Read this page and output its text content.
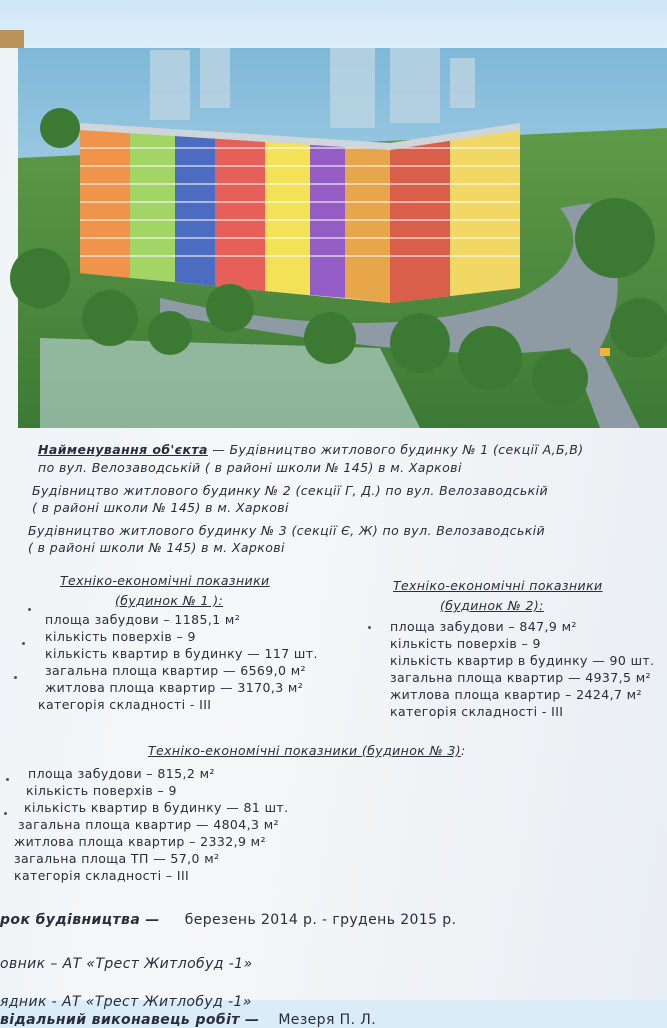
Найменування об'єкта — Будівництво житлового будинку № 1 (секції А,Б,В)
по вул. Велозаводській ( в районі школи № 145) в м. Харкові
Будівництво житлового будинку № 2 (секції Г, Д.) по вул. Велозаводській
( в районі школи № 145) в м. Харкові
Будівництво житлового будинку № 3 (секції Є, Ж) по вул. Велозаводській
( в районі школи № 145) в м. Харкові
Техніко-економічні показники
(будинок № 1 ):
площа забудови – 1185,1 м²
кількість поверхів – 9
кількість квартир в будинку — 117 шт.
загальна площа квартир — 6569,0 м²
житлова площа квартир — 3170,3 м²
категорія складності - ІІІ
Техніко-економічні показники
(будинок № 2):
площа забудови – 847,9 м²
кількість поверхів – 9
кількість квартир в будинку — 90 шт.
загальна площа квартир — 4937,5 м²
житлова площа квартир – 2424,7 м²
категорія складності - ІІІ
Техніко-економічні показники (будинок № 3):
площа забудови – 815,2 м²
кількість поверхів – 9
кількість квартир в будинку — 81 шт.
загальна площа квартир — 4804,3 м²
житлова площа квартир – 2332,9 м²
загальна площа ТП — 57,0 м²
категорія складності – ІІІ
рок будівництва — березень 2014 р. - грудень 2015 р.
овник – АТ «Трест Житлобуд -1»
ядник - АТ «Трест Житлобуд -1»
відальний виконавець робіт — Мезеря П. Л.
